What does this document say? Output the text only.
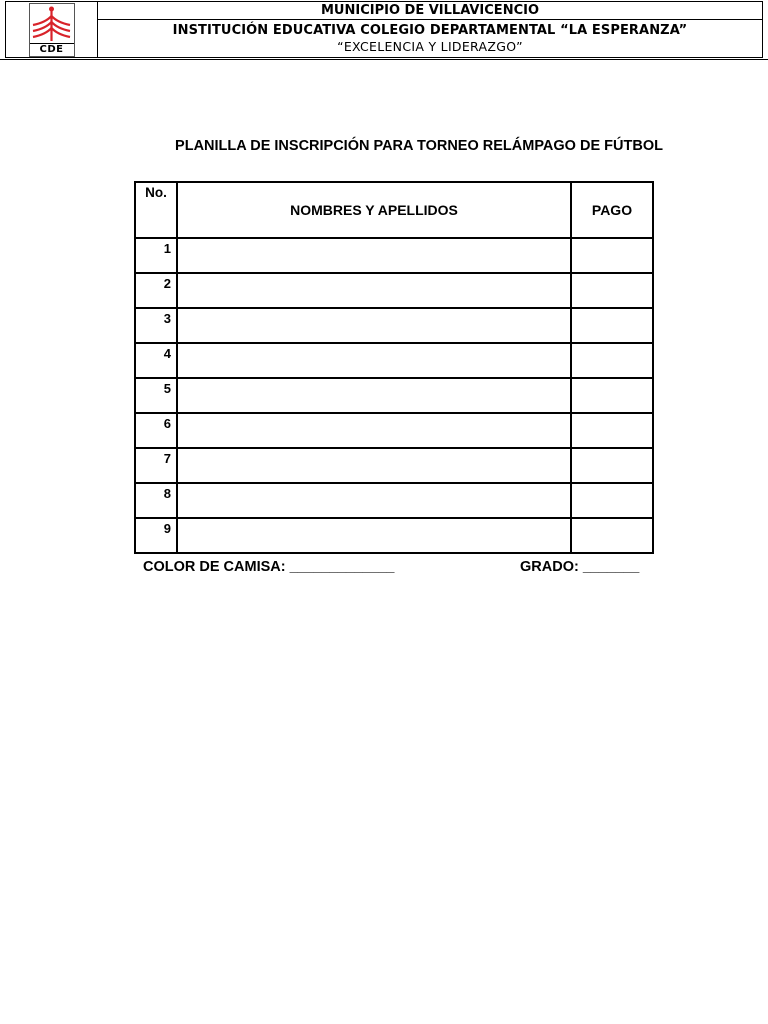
CDE
MUNICIPIO DE VILLAVICENCIO
INSTITUCIÓN EDUCATIVA COLEGIO DEPARTAMENTAL “LA ESPERANZA”
“EXCELENCIA Y LIDERAZGO”
PLANILLA DE INSCRIPCIÓN PARA TORNEO RELÁMPAGO DE FÚTBOL
No.	NOMBRES Y APELLIDOS	PAGO
1		
2		
3		
4		
5		
6		
7		
8		
9		
COLOR DE CAMISA: _____________	GRADO: _______
